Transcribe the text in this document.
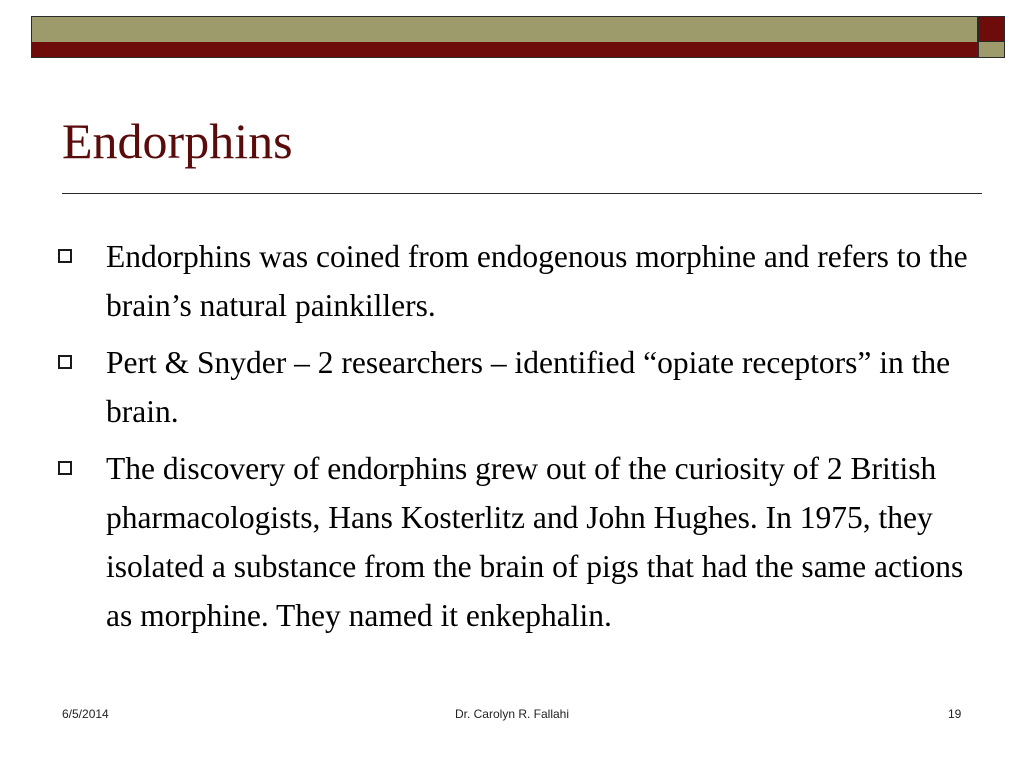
Endorphins
Endorphins was coined from endogenous morphine and refers to the brain’s natural painkillers.
Pert & Snyder – 2 researchers – identified “opiate receptors” in the brain.
The discovery of endorphins grew out of the curiosity of 2 British pharmacologists, Hans Kosterlitz and John Hughes. In 1975, they isolated a substance from the brain of pigs that had the same actions as morphine. They named it enkephalin.
6/5/2014	Dr. Carolyn R. Fallahi	19
